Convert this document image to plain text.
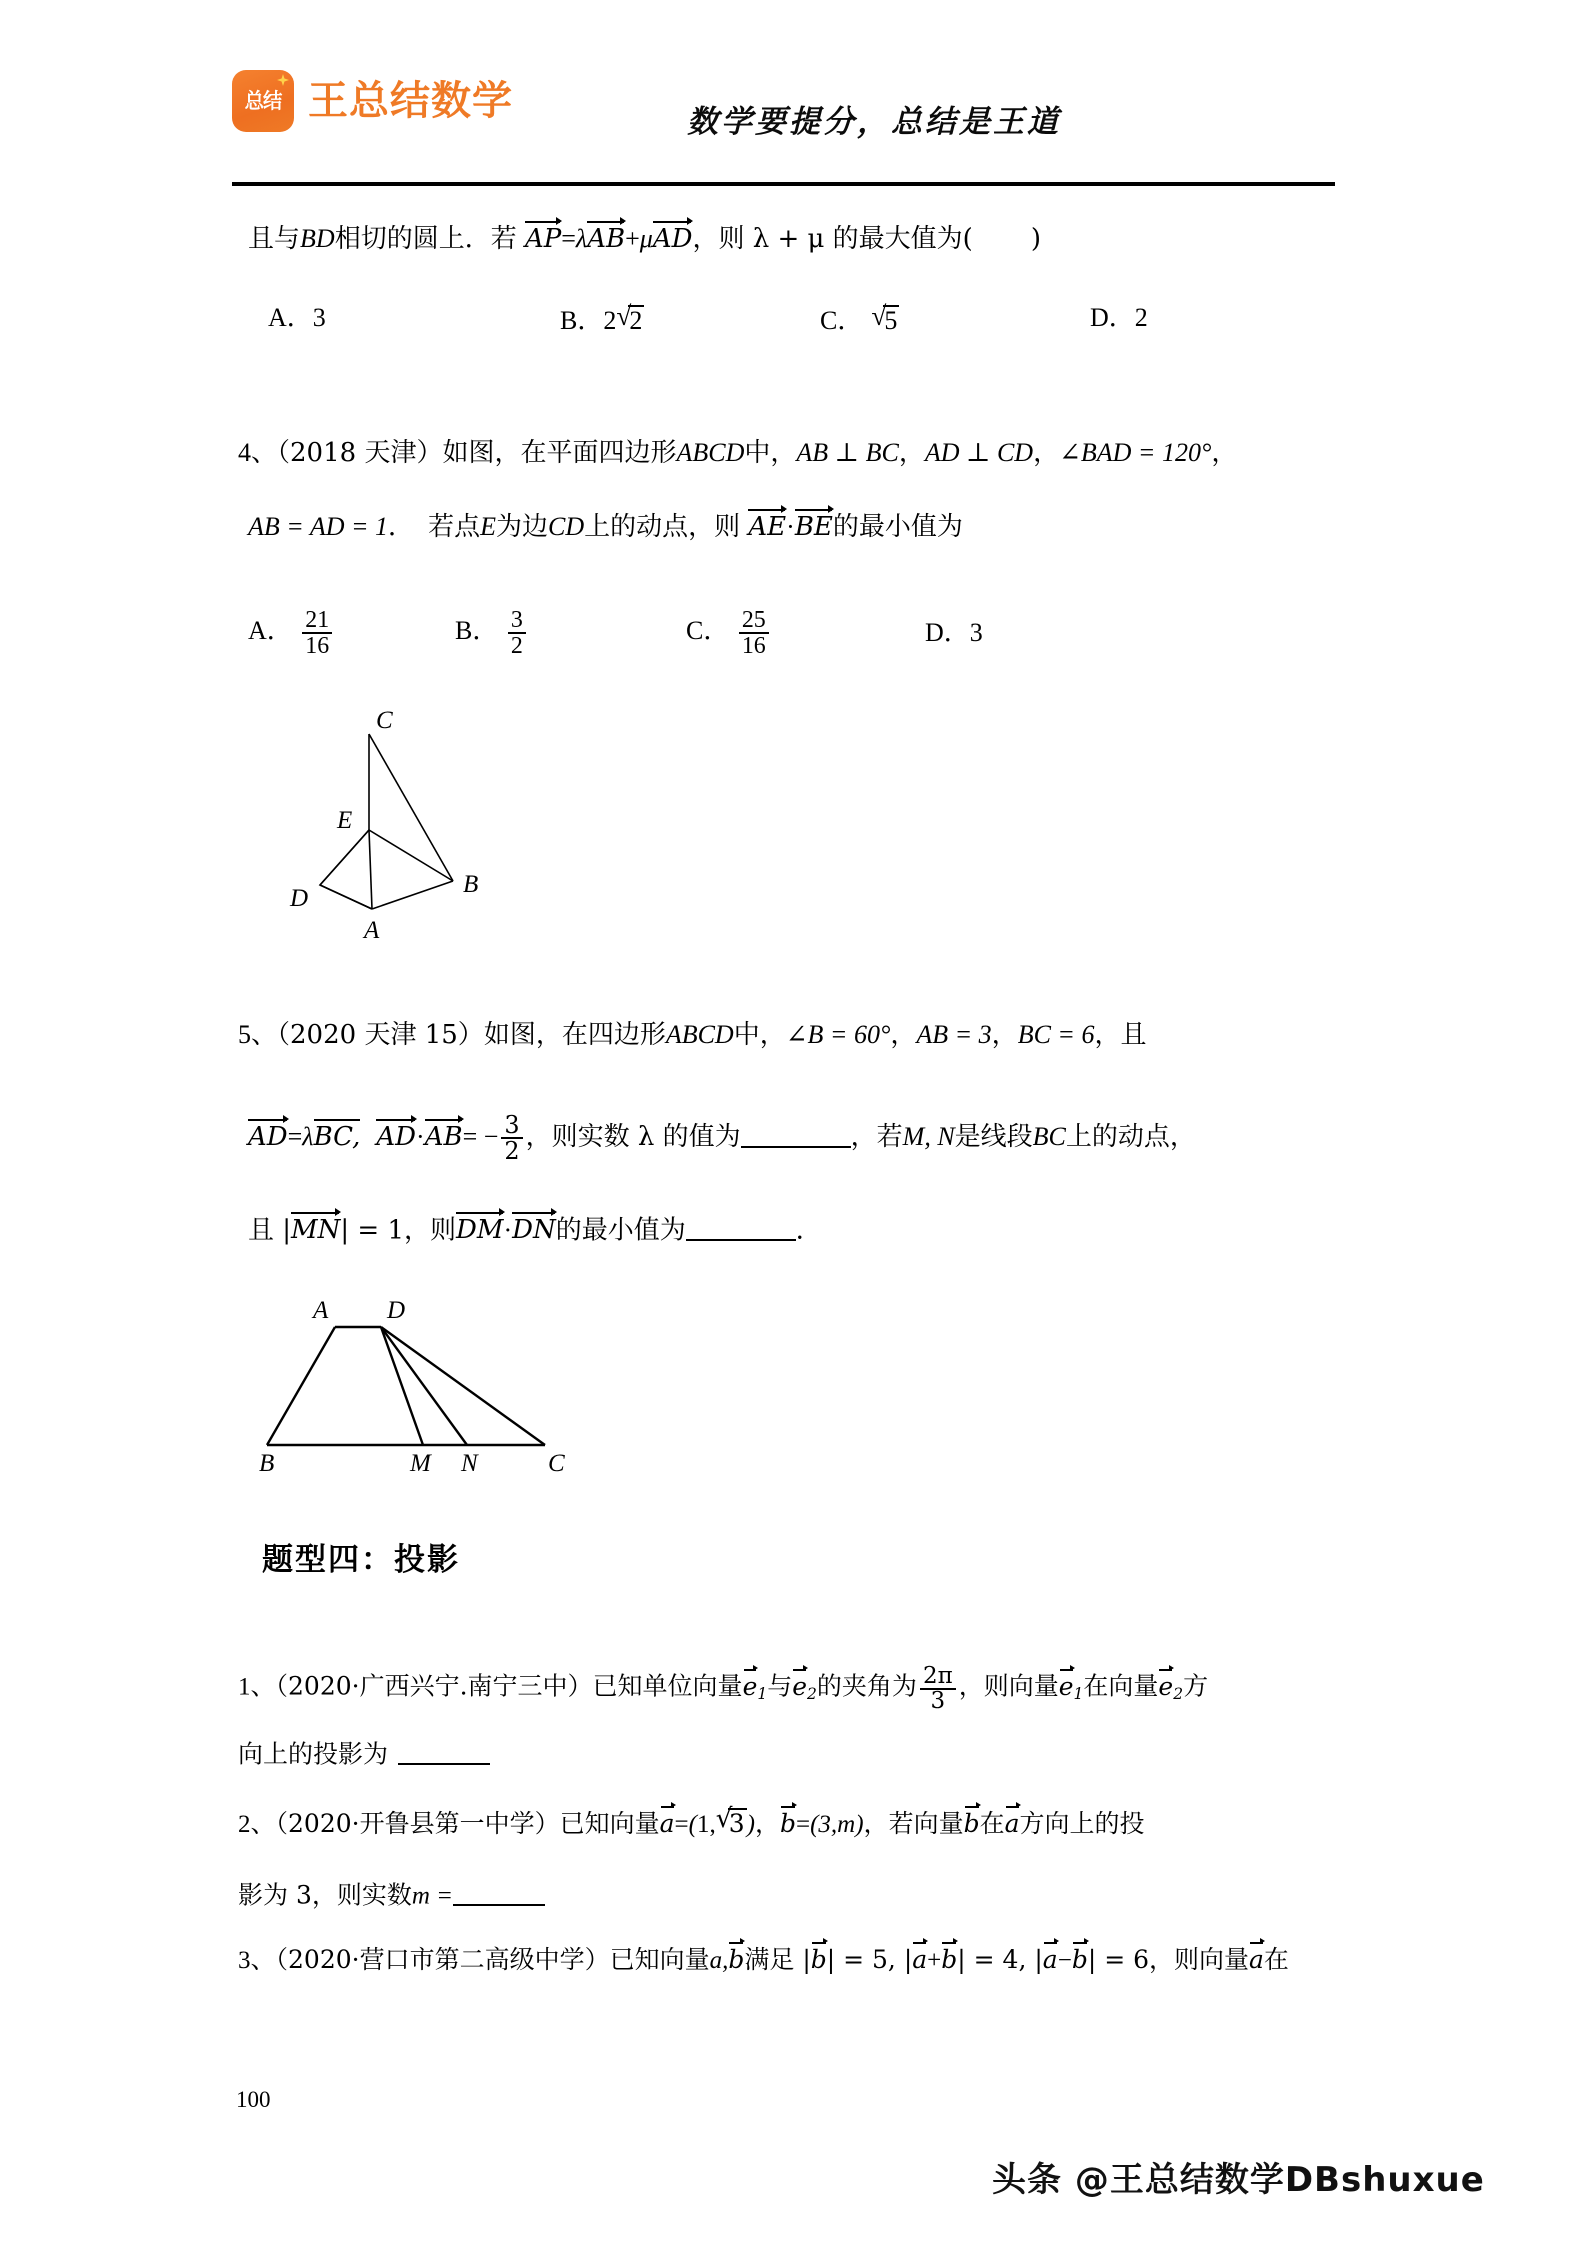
总结 王总结数学	数学要提分，总结是王道
且与BD相切的圆上．若 AP=λAB+μAD，则 λ + μ 的最大值为( )
A．3	B．2 √ 2	C． √ 5	D．2
4、（2018 天津）如图，在平面四边形ABCD中，AB ⊥ BC，AD ⊥ CD，∠BAD = 120°，
AB = AD = 1． 若点E为边CD上的动点，则 AE·BE的最小值为
A． $\frac{21}{16}$	B． $\frac{3}{2}$	C． $\frac{25}{16}$	D．3
C
E
D
A
B
5、（2020 天津 15）如图，在四边形ABCD中，∠B = 60°，AB = 3，BC = 6，且
AD=λBC, $AD\cdot AB= - \frac{3}{2}$ ，则实数 λ 的值为	，若M, N是线段BC上的动点，
且 |MN| = 1，则DM·DN的最小值为	．
A D
B	M N	C
题型四：投影
1、（2020·广西兴宁.南宁三中）已知单位向量$e_1$与$e_2$的夹角为 $\frac{2\pi}{3}$ ，则向量$e_1$在向量$e_2$方
向上的投影为
2、（2020·开鲁县第一中学）已知向量a=(1, √ 3)，b=(3,m)，若向量b在a方向上的投
影为 3，则实数m =
3、（2020·营口市第二高级中学）已知向量a,b满足 |b| = 5, |a+b| = 4, |a−b| = 6，则向量a在
100
头条 @王总结数学DBshuxue
